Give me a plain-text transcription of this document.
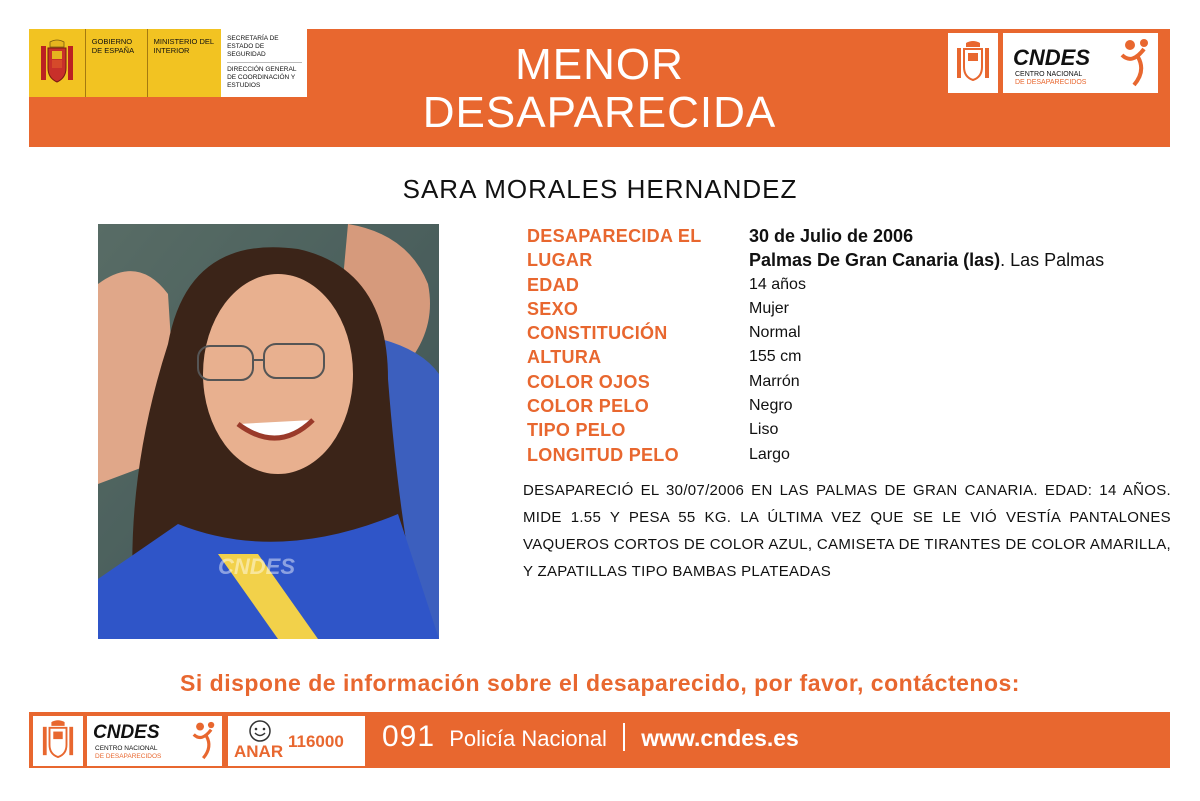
GOBIERNO DE ESPAÑA
MINISTERIO DEL INTERIOR
SECRETARÍA DE ESTADO DE SEGURIDAD
DIRECCIÓN GENERAL DE COORDINACIÓN Y ESTUDIOS	MENOR
DESAPARECIDA
CNDES
CENTRO NACIONAL
DE DESAPARECIDOS
SARA MORALES HERNANDEZ
CNDES
DESAPARECIDA EL	30 de Julio de 2006
LUGAR	Palmas De Gran Canaria (las). Las Palmas
EDAD	14 años
SEXO	Mujer
CONSTITUCIÓN	Normal
ALTURA	155 cm
COLOR OJOS	Marrón
COLOR PELO	Negro
TIPO PELO	Liso
LONGITUD PELO	Largo
DESAPARECIÓ EL 30/07/2006 EN LAS PALMAS DE GRAN CANARIA. EDAD: 14 AÑOS. MIDE 1.55 Y PESA 55 KG. LA ÚLTIMA VEZ QUE SE LE VIÓ VESTÍA PANTALONES VAQUEROS CORTOS DE COLOR AZUL, CAMISETA DE TIRANTES DE COLOR AMARILLA, Y ZAPATILLAS TIPO BAMBAS PLATEADAS
Si dispone de información sobre el desaparecido, por favor, contáctenos:
CNDES
CENTRO NACIONAL
DE DESAPARECIDOS	ANAR
116000 091 Policía Nacional www.cndes.es
